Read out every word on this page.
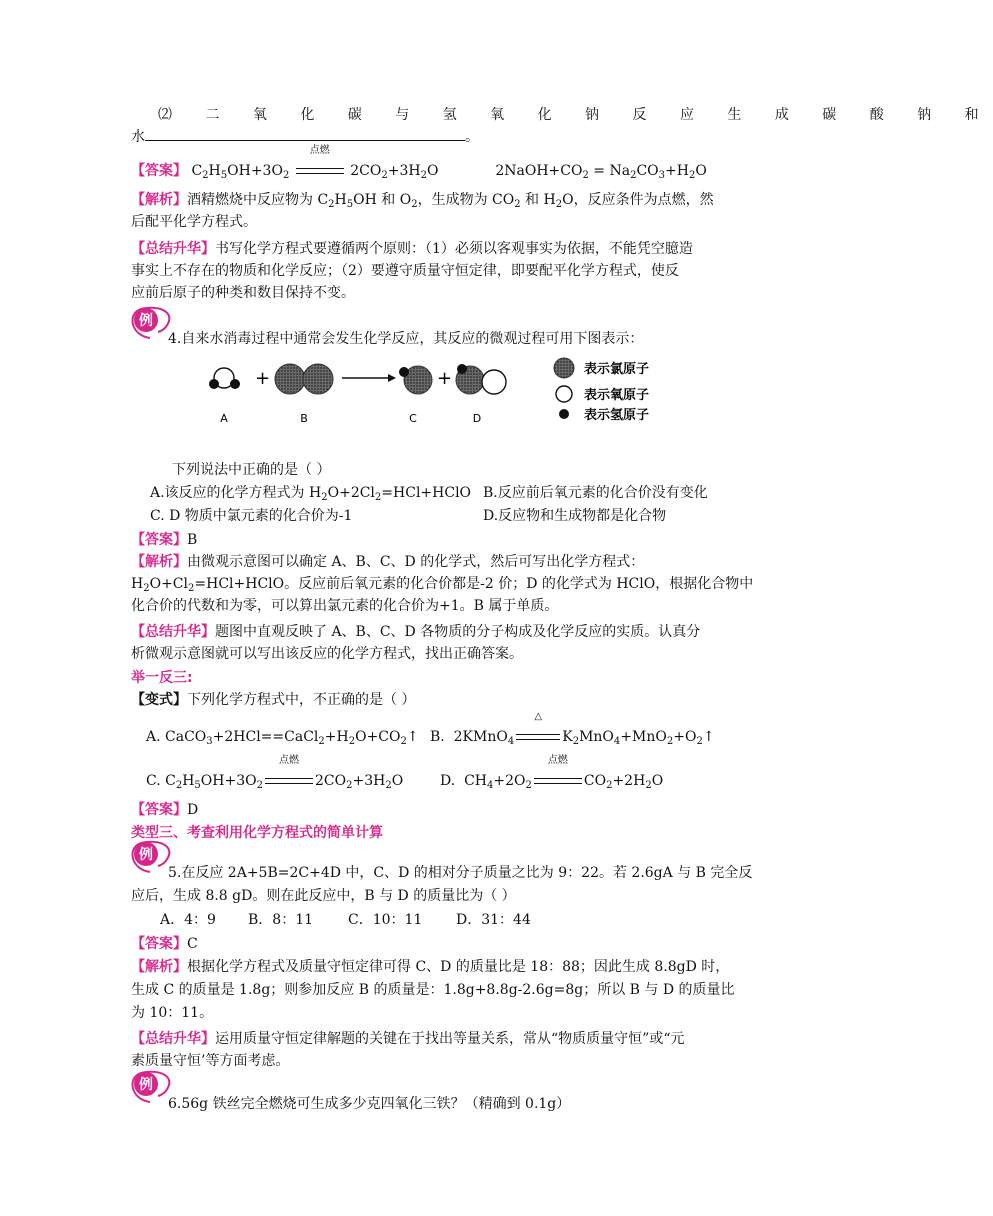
⑵ 二 氧 化 碳 与 氢 氧 化 钠 反 应 生 成 碳 酸 钠 和
水	。
【答案】 $C_2H_5OH+3O_2$
点燃
$2CO_2+3H_2O$	$2NaOH+CO_2 = Na_2CO_3+H_2O$
【解析】酒精燃烧中反应物为 $C_2H_5OH$ 和 $O_2$，生成物为 $CO_2$ 和 $H_2O$，反应条件为点燃，然
后配平化学方程式。
【总结升华】书写化学方程式要遵循两个原则：（1）必须以客观事实为依据，不能凭空臆造
事实上不存在的物质和化学反应；（2）要遵守质量守恒定律，即要配平化学方程式，使反
应前后原子的种类和数目保持不变。
例
4.自来水消毒过程中通常会发生化学反应，其反应的微观过程可用下图表示：
A
+
B	C
+
D
表示氯原子
表示氧原子
表示氢原子
下列说法中正确的是（ ）
A.该反应的化学方程式为 $H_2O+2Cl_2=HCl+HClO$ B.反应前后氧元素的化合价没有变化
C. D 物质中氯元素的化合价为-1	D.反应物和生成物都是化合物
【答案】B
【解析】由微观示意图可以确定 A、B、C、D 的化学式，然后可写出化学方程式：
$H_2O+Cl_2=HCl+HClO$。反应前后氧元素的化合价都是-2 价；D 的化学式为 HClO，根据化合物中
化合价的代数和为零，可以算出氯元素的化合价为+1。B 属于单质。
【总结升华】题图中直观反映了 A、B、C、D 各物质的分子构成及化学反应的实质。认真分
析微观示意图就可以写出该反应的化学方程式，找出正确答案。
举一反三:
【变式】下列化学方程式中，不正确的是（ ）
A. $CaCO_3+2HCl==CaCl_2+H_2O+CO_2↑$ B.  2KMnO$_4$
△
$K_2MnO_4+MnO_2+O_2↑$
C. $C_2H_5OH+3O_2$
点燃
$2CO_2+3H_2O$	D.  $CH_4+2O_2$
点燃
$CO_2+2H_2O$
【答案】D
类型三、考查利用化学方程式的简单计算
例
5.在反应 2A+5B=2C+4D 中，C、D 的相对分子质量之比为 9：22。若 2.6gA 与 B 完全反
应后，生成 8.8 gD。则在此反应中，B 与 D 的质量比为（ ）
A．4：9 B．8：11 C．10：11 D．31：44
【答案】C
【解析】根据化学方程式及质量守恒定律可得 C、D 的质量比是 18：88；因此生成 8.8gD 时，
生成 C 的质量是 1.8g；则参加反应 B 的质量是：1.8g+8.8g-2.6g=8g；所以 B 与 D 的质量比
为 10：11。
【总结升华】运用质量守恒定律解题的关键在于找出等量关系，常从“物质质量守恒”或“元
素质量守恒’等方面考虑。
例
6.56g 铁丝完全燃烧可生成多少克四氧化三铁？（精确到 0.1g）
